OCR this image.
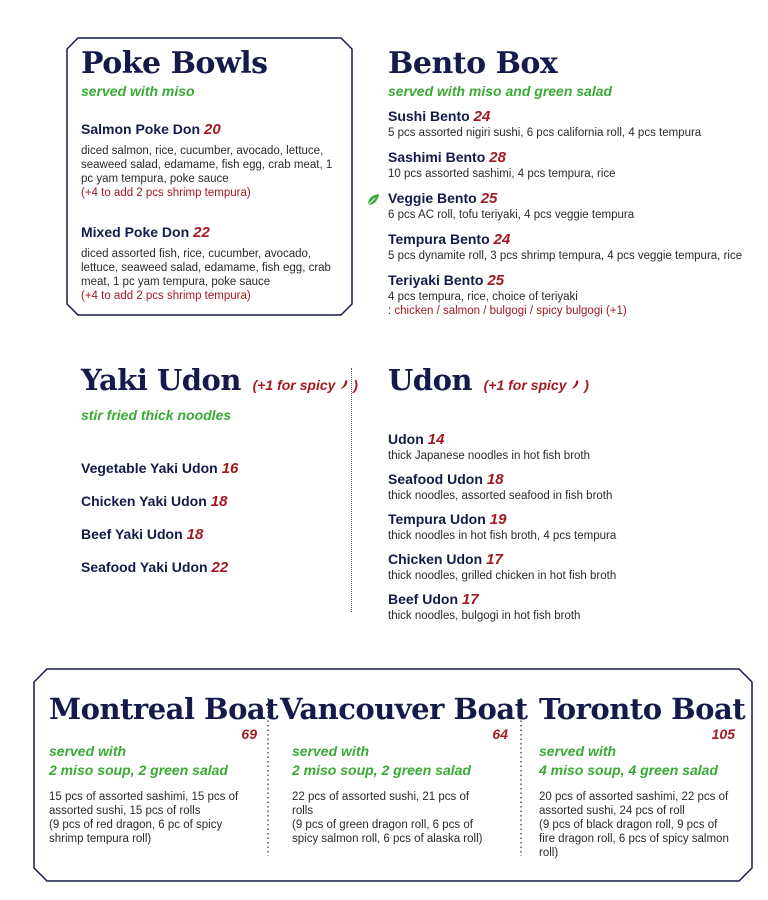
Poke Bowls
served with miso
Salmon Poke Don 20
diced salmon, rice, cucumber, avocado, lettuce, seaweed salad, edamame, fish egg, crab meat, 1 pc yam tempura, poke sauce
(+4 to add 2 pcs shrimp tempura)
Mixed Poke Don 22
diced assorted fish, rice, cucumber, avocado, lettuce, seaweed salad, edamame, fish egg, crab meat, 1 pc yam tempura, poke sauce
(+4 to add 2 pcs shrimp tempura)
Bento Box
served with miso and green salad
Sushi Bento 24
5 pcs assorted nigiri sushi, 6 pcs california roll, 4 pcs tempura
Sashimi Bento 28
10 pcs assorted sashimi, 4 pcs tempura, rice
Veggie Bento 25
6 pcs AC roll, tofu teriyaki, 4 pcs veggie tempura
Tempura Bento 24
5 pcs dynamite roll, 3 pcs shrimp tempura, 4 pcs veggie tempura, rice
Teriyaki Bento 25
4 pcs tempura, rice, choice of teriyaki
: chicken / salmon / bulgogi / spicy bulgogi (+1)
Yaki Udon (+1 for spicy  )
stir fried thick noodles
Vegetable Yaki Udon 16
Chicken Yaki Udon 18
Beef Yaki Udon 18
Seafood Yaki Udon 22
Udon (+1 for spicy  )
Udon 14
thick Japanese noodles in hot fish broth
Seafood Udon 18
thick noodles, assorted seafood in fish broth
Tempura Udon 19
thick noodles in hot fish broth, 4 pcs tempura
Chicken Udon 17
thick noodles, grilled chicken in hot fish broth
Beef Udon 17
thick noodles, bulgogi in hot fish broth
Montreal Boat
69
served with
2 miso soup, 2 green salad
15 pcs of assorted sashimi, 15 pcs of assorted sushi, 15 pcs of rolls
(9 pcs of red dragon, 6 pc of spicy shrimp tempura roll)
Vancouver Boat
64
served with
2 miso soup, 2 green salad
22 pcs of assorted sushi, 21 pcs of rolls
(9 pcs of green dragon roll, 6 pcs of spicy salmon roll, 6 pcs of alaska roll)
Toronto Boat
105
served with
4 miso soup, 4 green salad
20 pcs of assorted sashimi, 22 pcs of assorted sushi, 24 pcs of roll
(9 pcs of black dragon roll, 9 pcs of fire dragon roll, 6 pcs of spicy salmon roll)
